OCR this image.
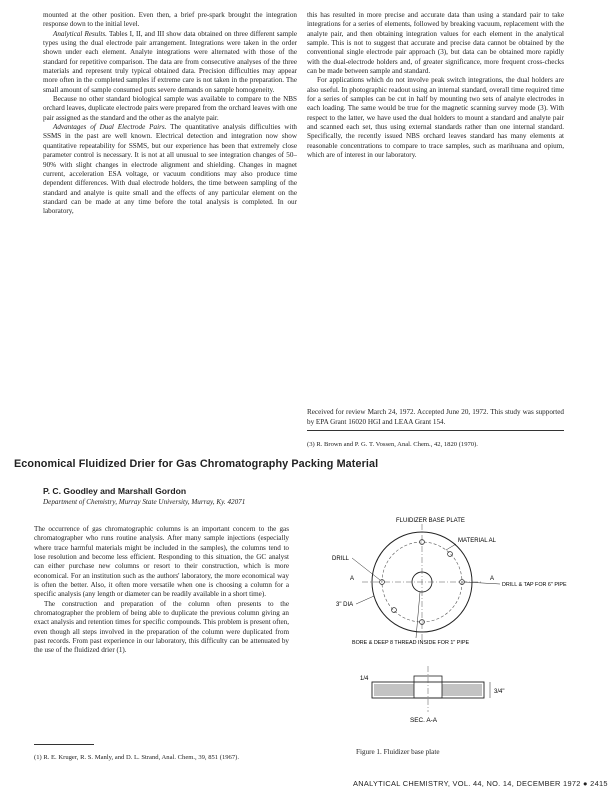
mounted at the other position. Even then, a brief pre-spark brought the integration response down to the initial level.

Analytical Results. Tables I, II, and III show data obtained on three different sample types using the dual electrode pair arrangement. Integrations were taken in the order shown under each element. Analyte integrations were alternated with those of the standard for repetitive comparison. The data are from consecutive analyses of the three materials and represent truly typical obtained data. Precision difficulties may appear more often in the completed samples if extreme care is not taken in the preparation. The small amount of sample consumed puts severe demands on sample homogeneity.

Because no other standard biological sample was available to compare to the NBS orchard leaves, duplicate electrode pairs were prepared from the orchard leaves with one pair assigned as the standard and the other as the analyte pair.

Advantages of Dual Electrode Pairs. The quantitative analysis difficulties with SSMS in the past are well known. Electrical detection and integration now show quantitative repeatability for SSMS, but our experience has been that extremely close parameter control is necessary. It is not at all unusual to see integration changes of 50–90% with slight changes in electrode alignment and shielding. Changes in magnet current, acceleration ESA voltage, or vacuum conditions may also produce time dependent differences. With dual electrode holders, the time between sampling of the standard and analyte is quite small and the effects of any particular element on the standard can be made at any time before the total analysis is completed. In our laboratory,

this has resulted in more precise and accurate data than using a standard pair to take integrations for a series of elements, followed by breaking vacuum, replacement with the analyte pair, and then obtaining integration values for each element in the analytical sample. This is not to suggest that accurate and precise data cannot be obtained by the conventional single electrode pair approach (3), but data can be obtained more rapidly with the dual-electrode holders and, of greater significance, more frequent cross-checks can be made between sample and standard.

For applications which do not involve peak switch integrations, the dual holders are also useful. In photographic readout using an internal standard, overall time required time for a series of samples can be cut in half by mounting two sets of analyte electrodes in each loading. The same would be true for the magnetic scanning survey mode (3). With respect to the latter, we have used the dual holders to mount a standard and analyte pair and scanned each set, thus using external standards rather than one internal standard. Specifically, the recently issued NBS orchard leaves standard has many elements at reasonable concentrations to compare to trace samples, such as marihuana and opium, which are of interest in our laboratory.

Received for review March 24, 1972. Accepted June 20, 1972. This study was supported by EPA Grant 16020 HGI and LEAA Grant 154.

(3) R. Brown and P. G. T. Vossen, Anal. Chem., 42, 1820 (1970).

Economical Fluidized Drier for Gas Chromatography Packing Material

P. C. Goodley and Marshall Gordon

Department of Chemistry, Murray State University, Murray, Ky. 42071

The occurrence of gas chromatographic columns is an important concern to the gas chromatographer who runs routine analysis. After many sample injections (especially where trace harmful materials might be included in the samples), the columns tend to lose resolution and become less efficient. Responding to this situation, the GC analyst can either purchase new columns or resort to their construction, which is more economical. For an institution such as the authors' laboratory, the more economical way is often the better. Also, it often more versatile when one is choosing a column for a specific analysis (any length or diameter can be readily available in a short time).

The construction and preparation of the column often presents to the chromatographer the problem of being able to duplicate the previous column giving an exact analysis and retention times for specific compounds. This problem is present often, even though all steps involved in the preparation of the column were duplicated from past records. From past experience in our laboratory, this difficulty can be attenuated by the use of the fluidized drier (1).

(1) R. E. Kruger, R. S. Manly, and D. L. Strand, Anal. Chem., 39, 851 (1967).

FLUIDIZER BASE PLATE
MATERIAL AL
DRILL
DRILL & TAP FOR 6" PIPE
3" DIA
BORE & DEEP 8 THREAD INSIDE FOR 1" PIPE
A
A
3/4"
1/4
SEC. A-A

Figure 1. Fluidizer base plate

ANALYTICAL CHEMISTRY, VOL. 44, NO. 14, DECEMBER 1972 ● 2415
